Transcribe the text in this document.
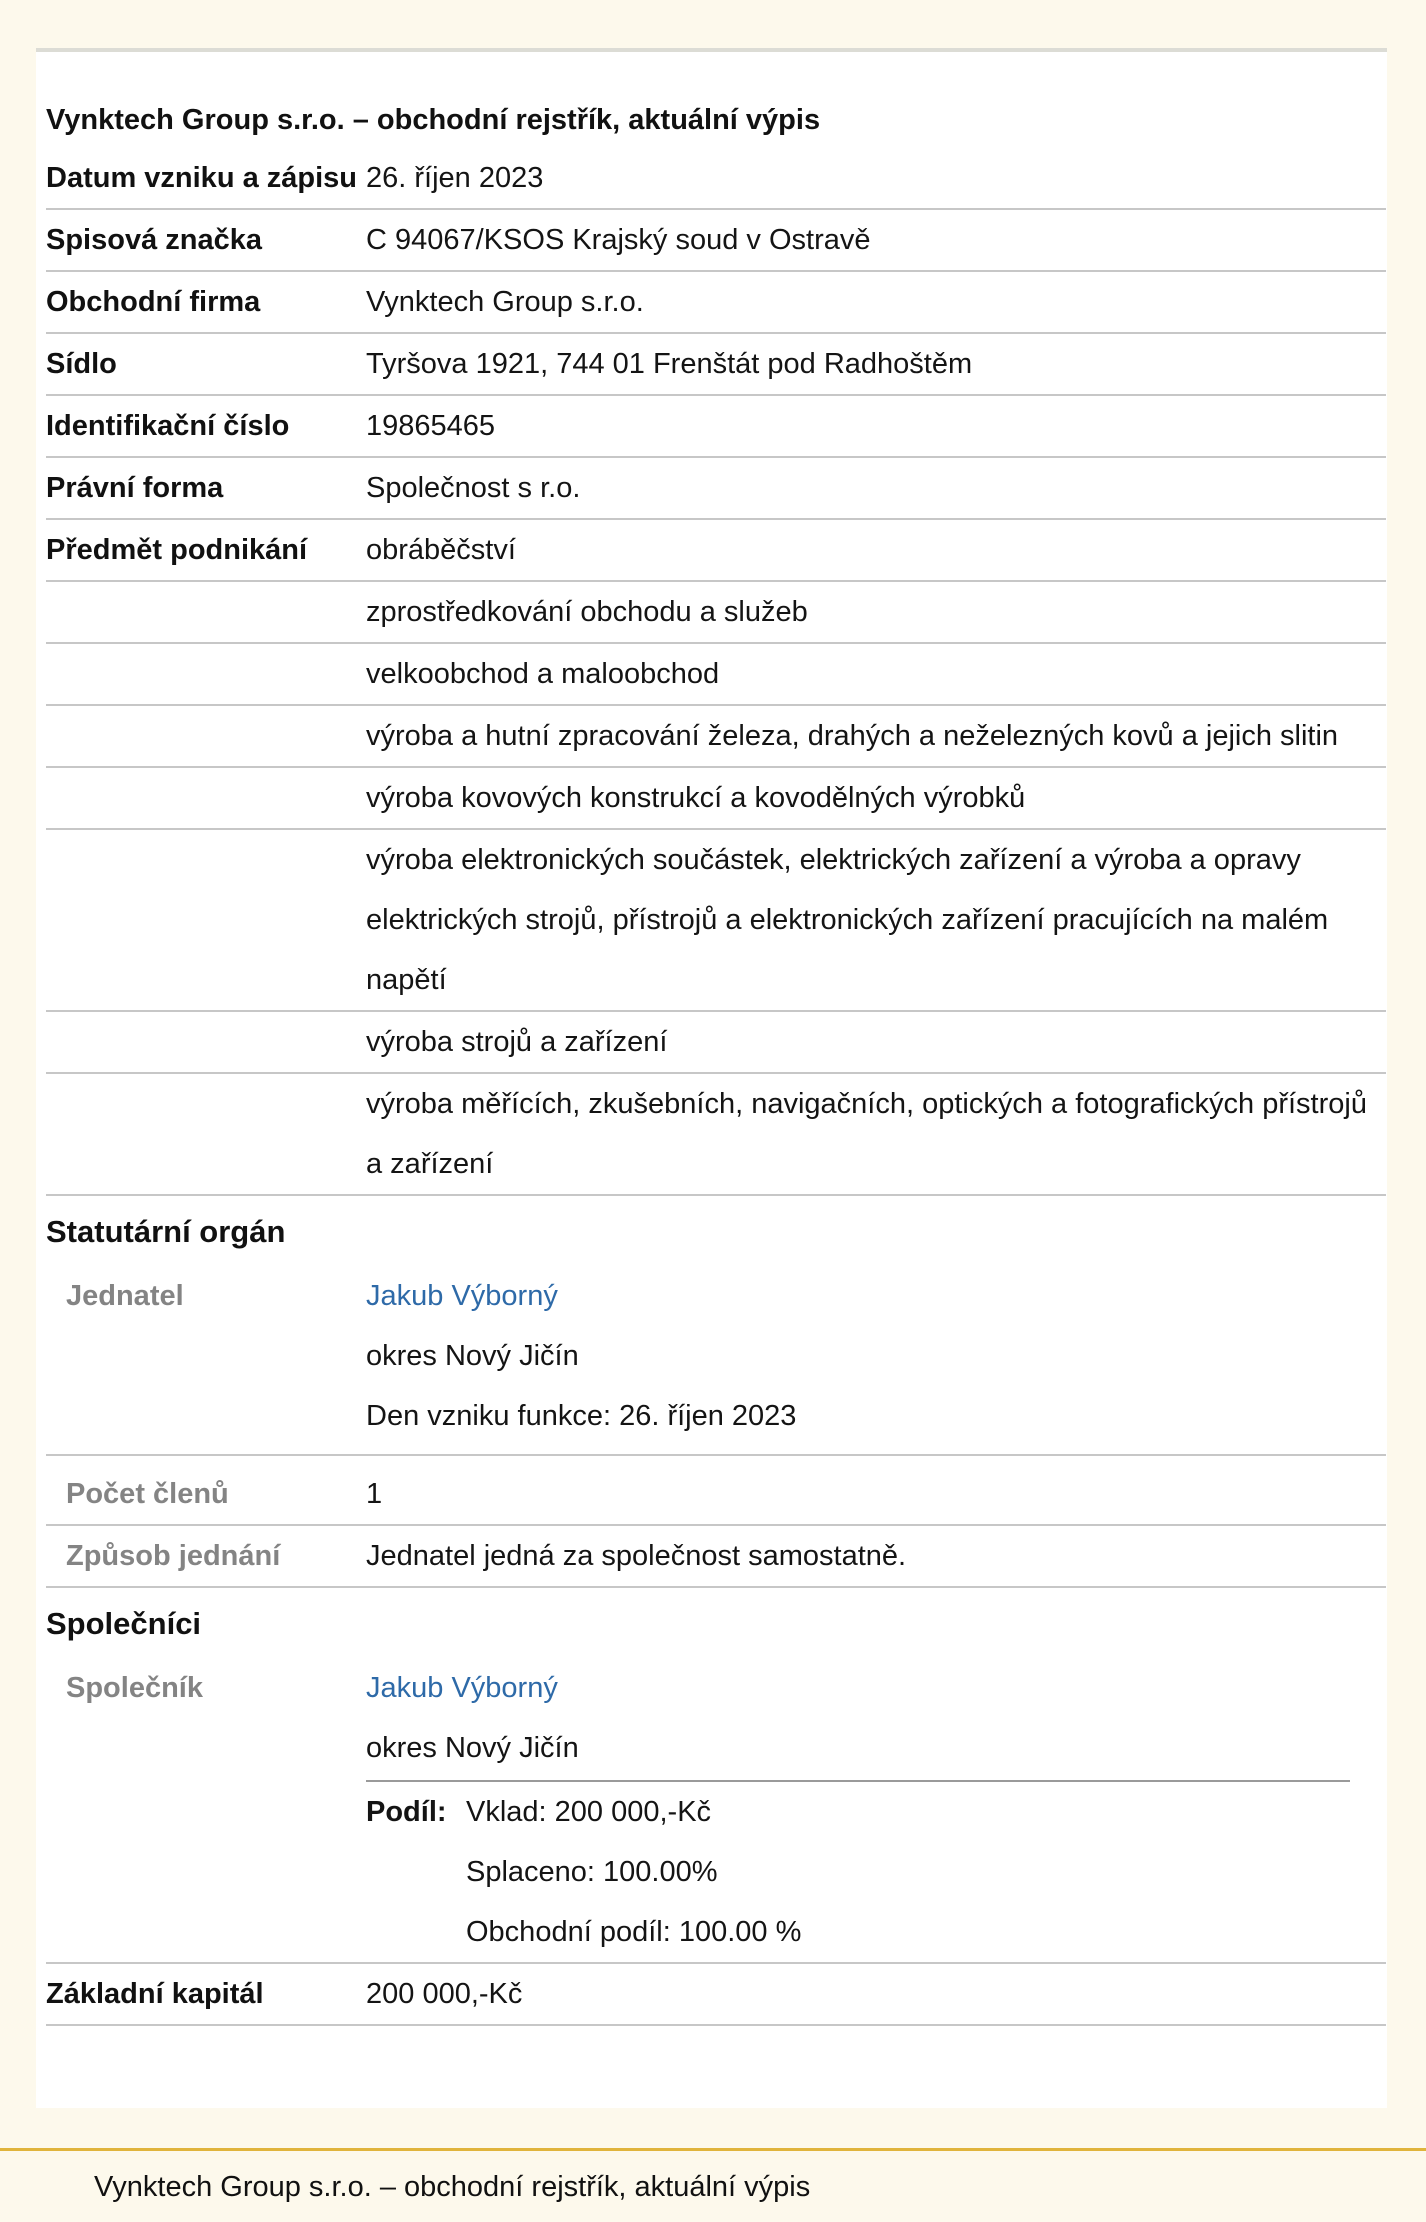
Vynktech Group s.r.o. – obchodní rejstřík, aktuální výpis
Datum vzniku a zápisu 26. říjen 2023
Spisová značka	C 94067/KSOS Krajský soud v Ostravě
Obchodní firma	Vynktech Group s.r.o.
Sídlo	Tyršova 1921, 744 01 Frenštát pod Radhoštěm
Identifikační číslo	19865465
Právní forma	Společnost s r.o.
Předmět podnikání	obráběčství
zprostředkování obchodu a služeb
velkoobchod a maloobchod
výroba a hutní zpracování železa, drahých a neželezných kovů a jejich slitin
výroba kovových konstrukcí a kovodělných výrobků
výroba elektronických součástek, elektrických zařízení a výroba a opravy elektrických strojů, přístrojů a elektronických zařízení pracujících na malém napětí
výroba strojů a zařízení
výroba měřících, zkušebních, navigačních, optických a fotografických přístrojů a zařízení
Statutární orgán
Jednatel	Jakub Výborný
okres Nový Jičín
Den vzniku funkce: 26. říjen 2023
Počet členů	1
Způsob jednání	Jednatel jedná za společnost samostatně.
Společníci
Společník	Jakub Výborný
okres Nový Jičín
Podíl: Vklad: 200 000,-Kč
Splaceno: 100.00%
Obchodní podíl: 100.00 %
Základní kapitál	200 000,-Kč
Vynktech Group s.r.o. – obchodní rejstřík, aktuální výpis
